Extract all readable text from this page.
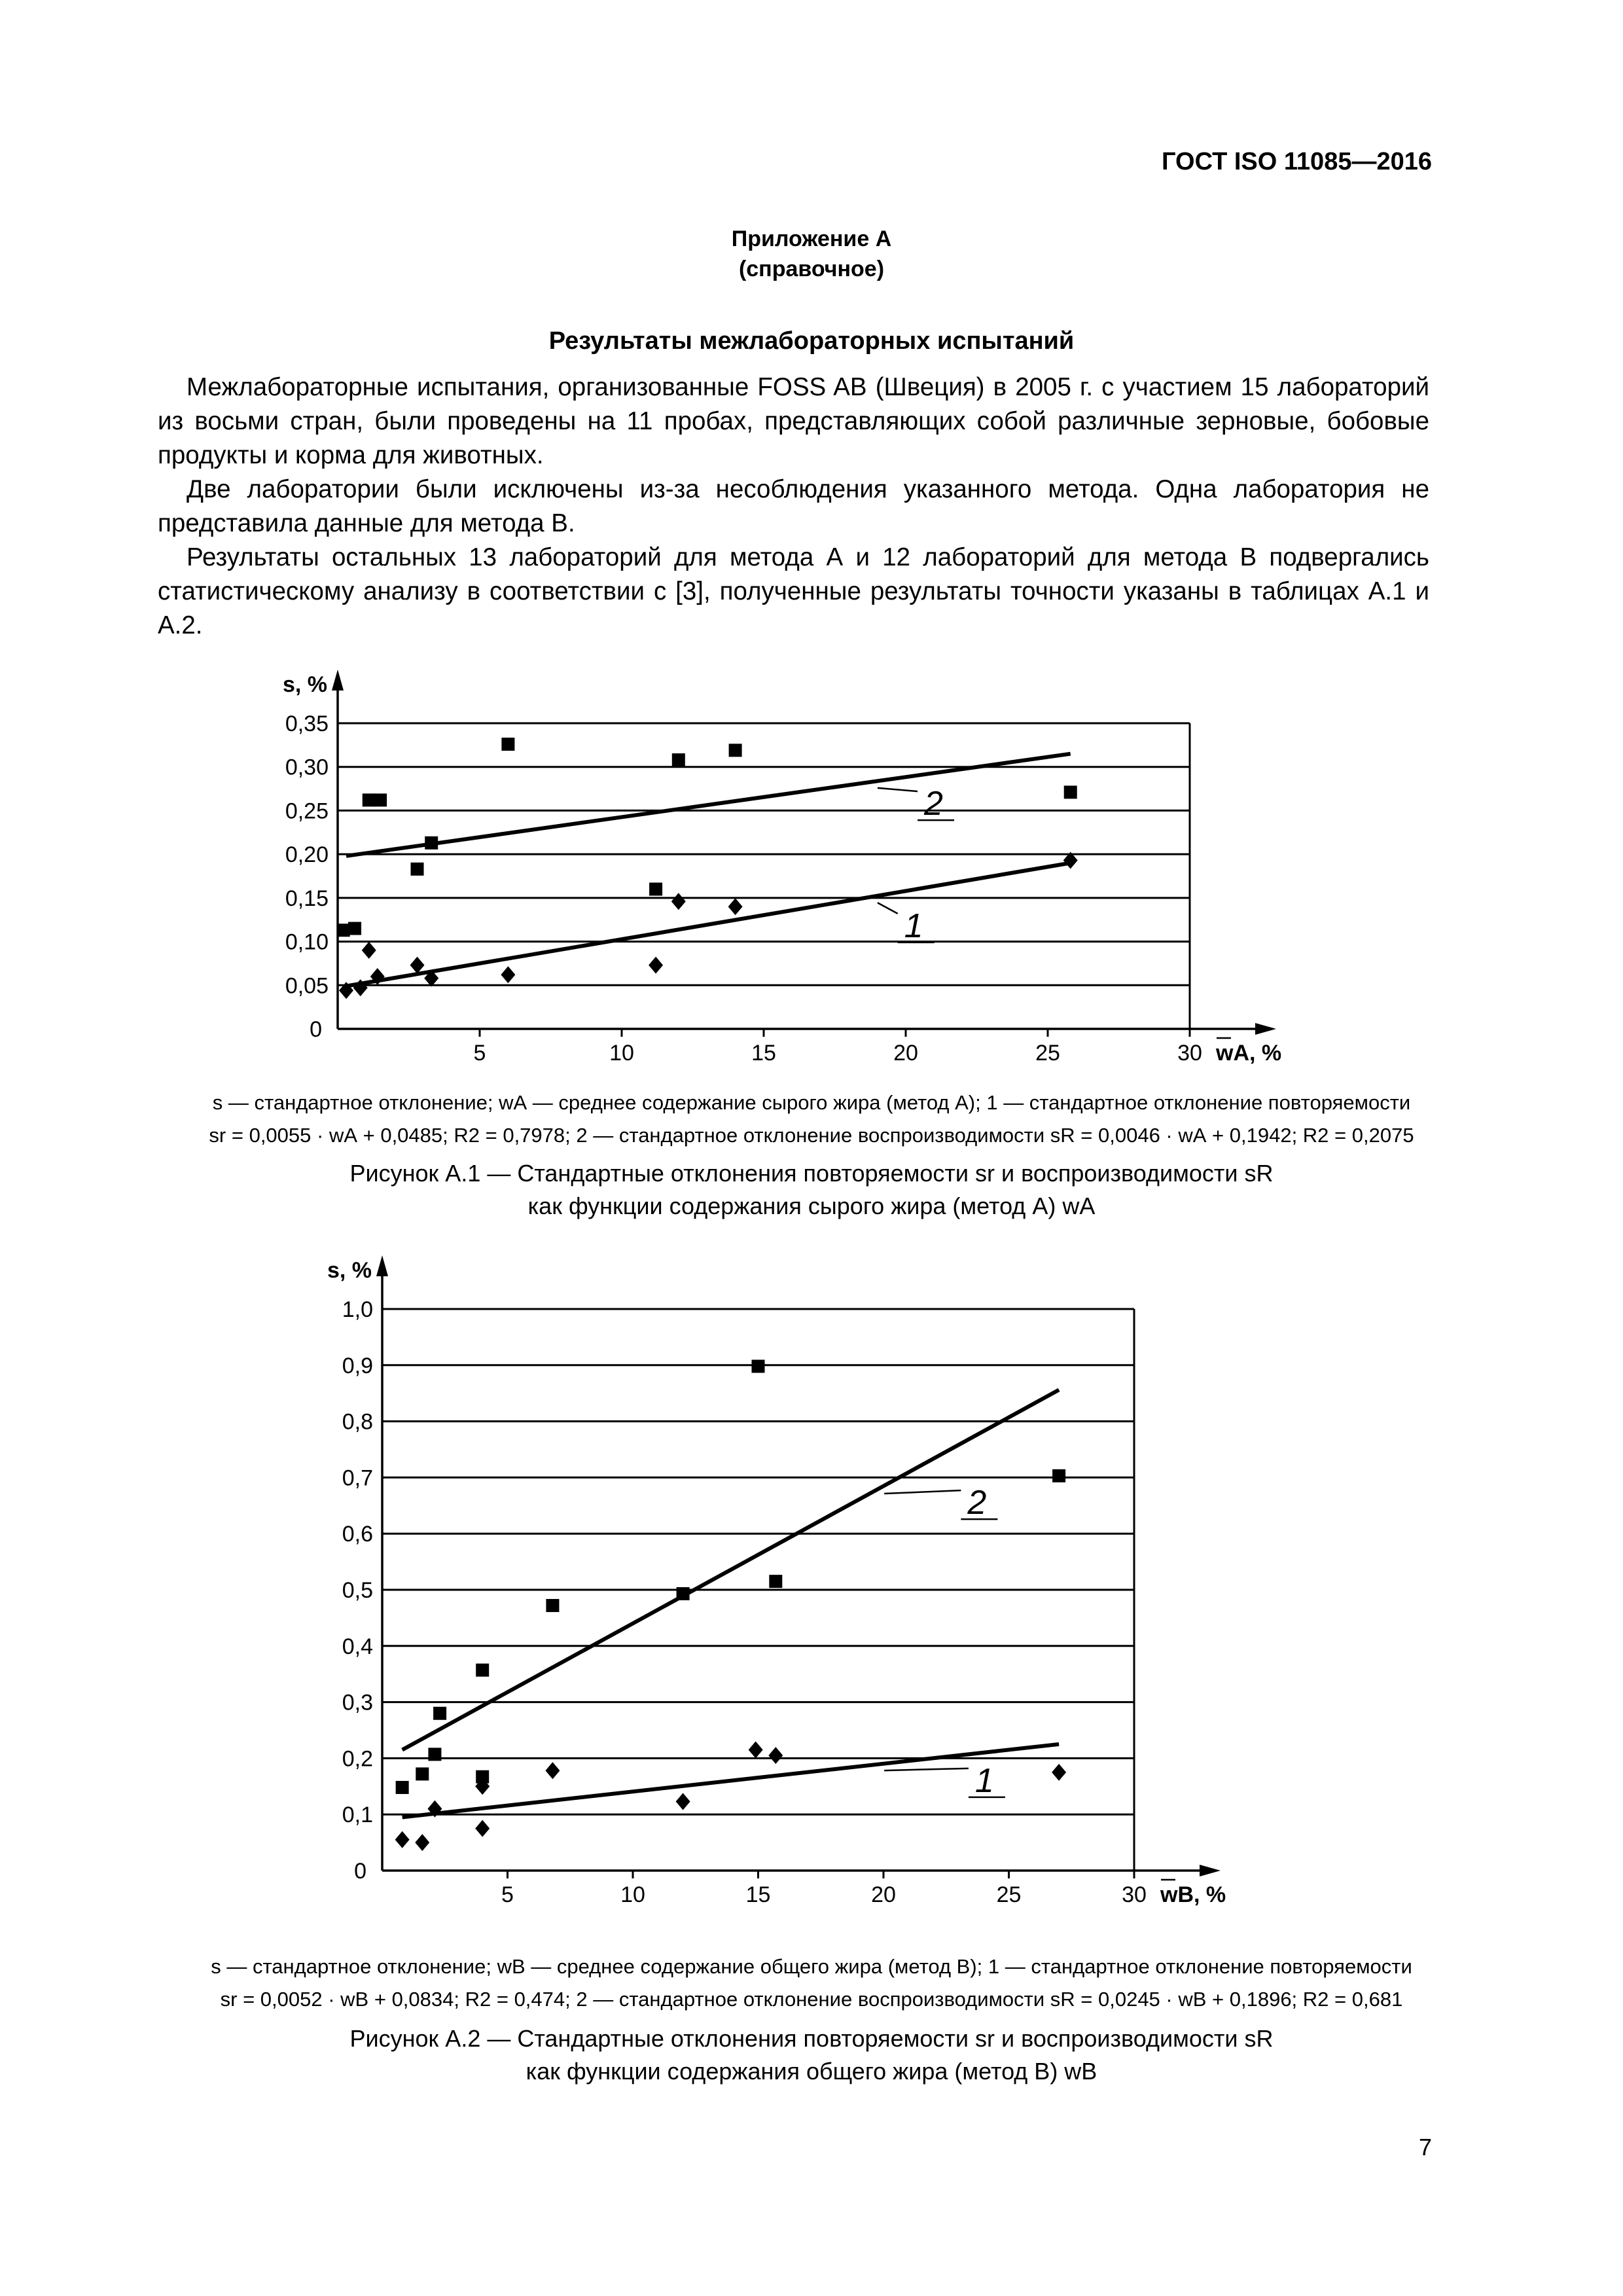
ГОСТ ISO 11085—2016
Приложение А
(справочное)
Результаты межлабораторных испытаний

Межлабораторные испытания, организованные FOSS AB (Швеция) в 2005 г. с участием 15 лабораторий из восьми стран, были проведены на 11 пробах, представляющих собой различные зерновые, бобовые продукты и корма для животных.

Две лаборатории были исключены из-за несоблюдения указанного метода. Одна лаборатория не представила данные для метода В.

Результаты остальных 13 лабораторий для метода А и 12 лабораторий для метода В подвергались статистическому анализу в соответствии с [3], полученные результаты точности указаны в таблицах А.1 и А.2.

0,05
0,10
0,15
0,20
0,25
0,30
0,35
5	10	15	20	25	30
0
s, %
wА, %
1
2
0,1
0,2
0,3
0,4
0,5
0,6
0,7
0,8
0,9
1,0
5	10	15	20	25	30
0
s, %
wB, %
1
2
s — стандартное отклонение; wА — среднее содержание сырого жира (метод А); 1 — стандартное отклонение повторяемости
sr = 0,0055 · wА + 0,0485; R2 = 0,7978; 2 — стандартное отклонение воспроизводимости sR = 0,0046 · wА + 0,1942; R2 = 0,2075
Рисунок А.1 — Стандартные отклонения повторяемости sr и воспроизводимости sR
как функции содержания сырого жира (метод А) wА
s — стандартное отклонение; wB — среднее содержание общего жира (метод В); 1 — стандартное отклонение повторяемости
sr = 0,0052 · wB + 0,0834; R2 = 0,474; 2 — стандартное отклонение воспроизводимости sR = 0,0245 · wB + 0,1896; R2 = 0,681
Рисунок А.2 — Стандартные отклонения повторяемости sr и воспроизводимости sR
как функции содержания общего жира (метод В) wB
7
